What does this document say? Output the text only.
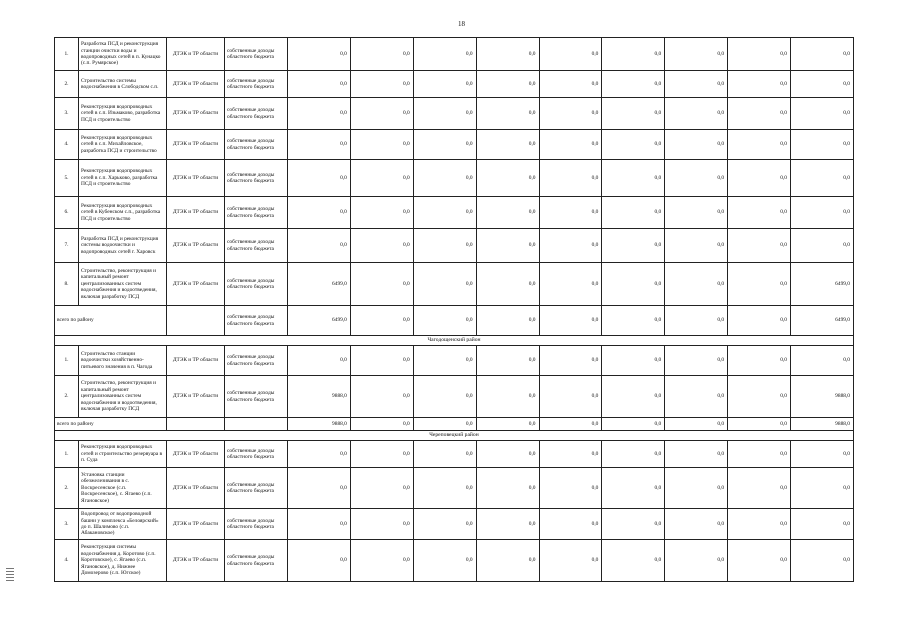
18
1.	Разработка ПСД и реконструкция станции очистки воды и водопроводных сетей в п. Кунацко (с.п. Румярское)	ДТЭК и ТР области	собственные доходы областного бюджета	0,0	0,0	0,0	0,0	0,0	0,0	0,0	0,0	0,0
2.	Строительство системы водоснабжения в Слободском с.п.	ДТЭК и ТР области	собственные доходы областного бюджета	0,0	0,0	0,0	0,0	0,0	0,0	0,0	0,0	0,0
3.	Реконструкция водопроводных сетей в с.п. Изьмаково, разработка ПСД и строительство	ДТЭК и ТР области	собственные доходы областного бюджета	0,0	0,0	0,0	0,0	0,0	0,0	0,0	0,0	0,0
4.	Реконструкция водопроводных сетей в с.п. Михайловское, разработка ПСД и строительство	ДТЭК и ТР области	собственные доходы областного бюджета	0,0	0,0	0,0	0,0	0,0	0,0	0,0	0,0	0,0
5.	Реконструкция водопроводных сетей в с.п. Харьково, разработка ПСД и строительство	ДТЭК и ТР области	собственные доходы областного бюджета	0,0	0,0	0,0	0,0	0,0	0,0	0,0	0,0	0,0
6.	Реконструкция водопроводных сетей в Кубенском с.п., разработка ПСД и строительство	ДТЭК и ТР области	собственные доходы областного бюджета	0,0	0,0	0,0	0,0	0,0	0,0	0,0	0,0	0,0
7.	Разработка ПСД и реконструкция системы водоочистки и водопроводных сетей г. Харовск	ДТЭК и ТР области	собственные доходы областного бюджета	0,0	0,0	0,0	0,0	0,0	0,0	0,0	0,0	0,0
8.	Строительство, реконструкция и капитальный ремонт централизованных систем водоснабжения и водоотведения, включая разработку ПСД	ДТЭК и ТР области	собственные доходы областного бюджета	6499,0	0,0	0,0	0,0	0,0	0,0	0,0	0,0	6499,0
всего по району			собственные доходы областного бюджета	6499,0	0,0	0,0	0,0	0,0	0,0	0,0	0,0	6499,0
Чагодощенский район												
1.	Строительство станции водоочистки хозяйственно-питьевого значения в п. Чагода	ДТЭК и ТР области	собственные доходы областного бюджета	0,0	0,0	0,0	0,0	0,0	0,0	0,0	0,0	0,0
2.	Строительство, реконструкция и капитальный ремонт централизованных систем водоснабжения и водоотведения, включая разработку ПСД	ДТЭК и ТР области	собственные доходы областного бюджета	9888,0	0,0	0,0	0,0	0,0	0,0	0,0	0,0	9888,0
всего по району				9888,0	0,0	0,0	0,0	0,0	0,0	0,0	0,0	9888,0
Череповецкий район												
1.	Реконструкция водопроводных сетей и строительство резервуара в п. Суда	ДТЭК и ТР области	собственные доходы областного бюджета	0,0	0,0	0,0	0,0	0,0	0,0	0,0	0,0	0,0
2.	Установка станции обезжелезивания в с. Воскресенское (с.п. Воскресенское), с. Ягаево (с.п. Ягановское)	ДТЭК и ТР области	собственные доходы областного бюджета	0,0	0,0	0,0	0,0	0,0	0,0	0,0	0,0	0,0
3.	Водопровод от водопроводной башни у комплекса «Белоярский» до п. Шалимово (с.п. Абакановское)	ДТЭК и ТР области	собственные доходы областного бюджета	0,0	0,0	0,0	0,0	0,0	0,0	0,0	0,0	0,0
4.	Реконструкция системы водоснабжения д. Коротово (с.п. Коротовское), с. Ягаево (с.п. Ягановское), д. Нижнее Домозерово (с.п. Югское)	ДТЭК и ТР области	собственные доходы областного бюджета	0,0	0,0	0,0	0,0	0,0	0,0	0,0	0,0	0,0
